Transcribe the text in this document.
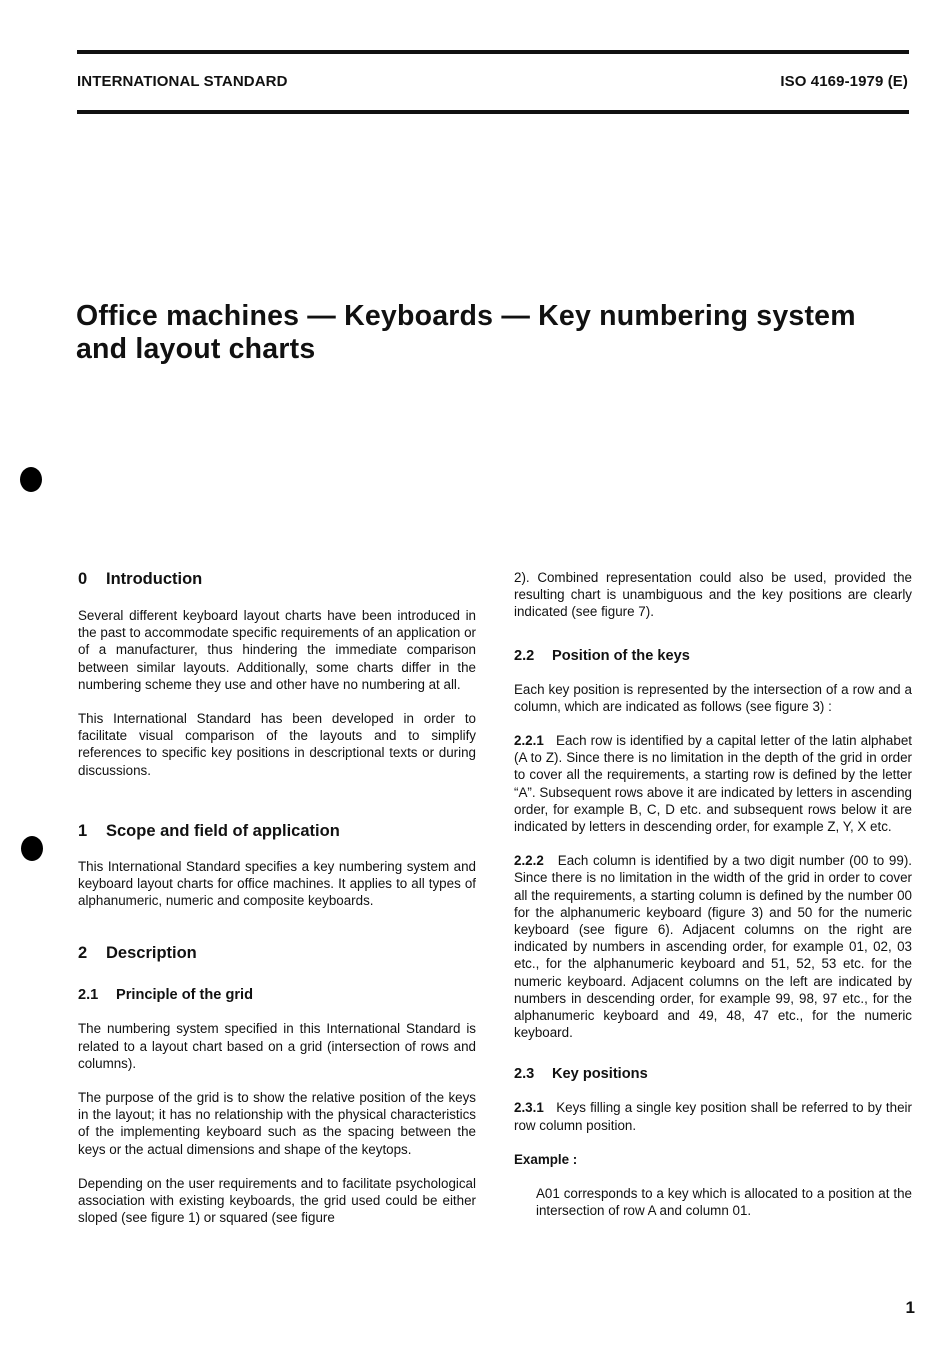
INTERNATIONAL STANDARD	ISO 4169-1979 (E)
Office machines — Keyboards — Key numbering system
and layout charts
0 Introduction

Several different keyboard layout charts have been introduced in the past to accommodate specific requirements of an application or of a manufacturer, thus hindering the immediate comparison between similar layouts. Additionally, some charts differ in the numbering scheme they use and other have no numbering at all.

This International Standard has been developed in order to facilitate visual comparison of the layouts and to simplify references to specific key positions in descriptional texts or during discussions.

1 Scope and field of application

This International Standard specifies a key numbering system and keyboard layout charts for office machines. It applies to all types of alphanumeric, numeric and composite keyboards.

2 Description
2.1 Principle of the grid

The numbering system specified in this International Standard is related to a layout chart based on a grid (intersection of rows and columns).

The purpose of the grid is to show the relative position of the keys in the layout; it has no relationship with the physical characteristics of the implementing keyboard such as the spacing between the keys or the actual dimensions and shape of the keytops.

Depending on the user requirements and to facilitate psychological association with existing keyboards, the grid used could be either sloped (see figure 1) or squared (see figure

2). Combined representation could also be used, provided the resulting chart is unambiguous and the key positions are clearly indicated (see figure 7).

2.2 Position of the keys

Each key position is represented by the intersection of a row and a column, which are indicated as follows (see figure 3) :

2.2.1 Each row is identified by a capital letter of the latin alphabet (A to Z). Since there is no limitation in the depth of the grid in order to cover all the requirements, a starting row is defined by the letter “A”. Subsequent rows above it are indicated by letters in ascending order, for example B, C, D etc. and subsequent rows below it are indicated by letters in descending order, for example Z, Y, X etc.

2.2.2 Each column is identified by a two digit number (00 to 99). Since there is no limitation in the width of the grid in order to cover all the requirements, a starting column is defined by the number 00 for the alphanumeric keyboard (figure 3) and 50 for the numeric keyboard (see figure 6). Adjacent columns on the right are indicated by numbers in ascending order, for example 01, 02, 03 etc., for the alphanumeric keyboard and 51, 52, 53 etc. for the numeric keyboard. Adjacent columns on the left are indicated by numbers in descending order, for example 99, 98, 97 etc., for the alphanumeric keyboard and 49, 48, 47 etc., for the numeric keyboard.

2.3 Key positions

2.3.1 Keys filling a single key position shall be referred to by their row column position.

Example :

A01 corresponds to a key which is allocated to a position at the intersection of row A and column 01.

1
